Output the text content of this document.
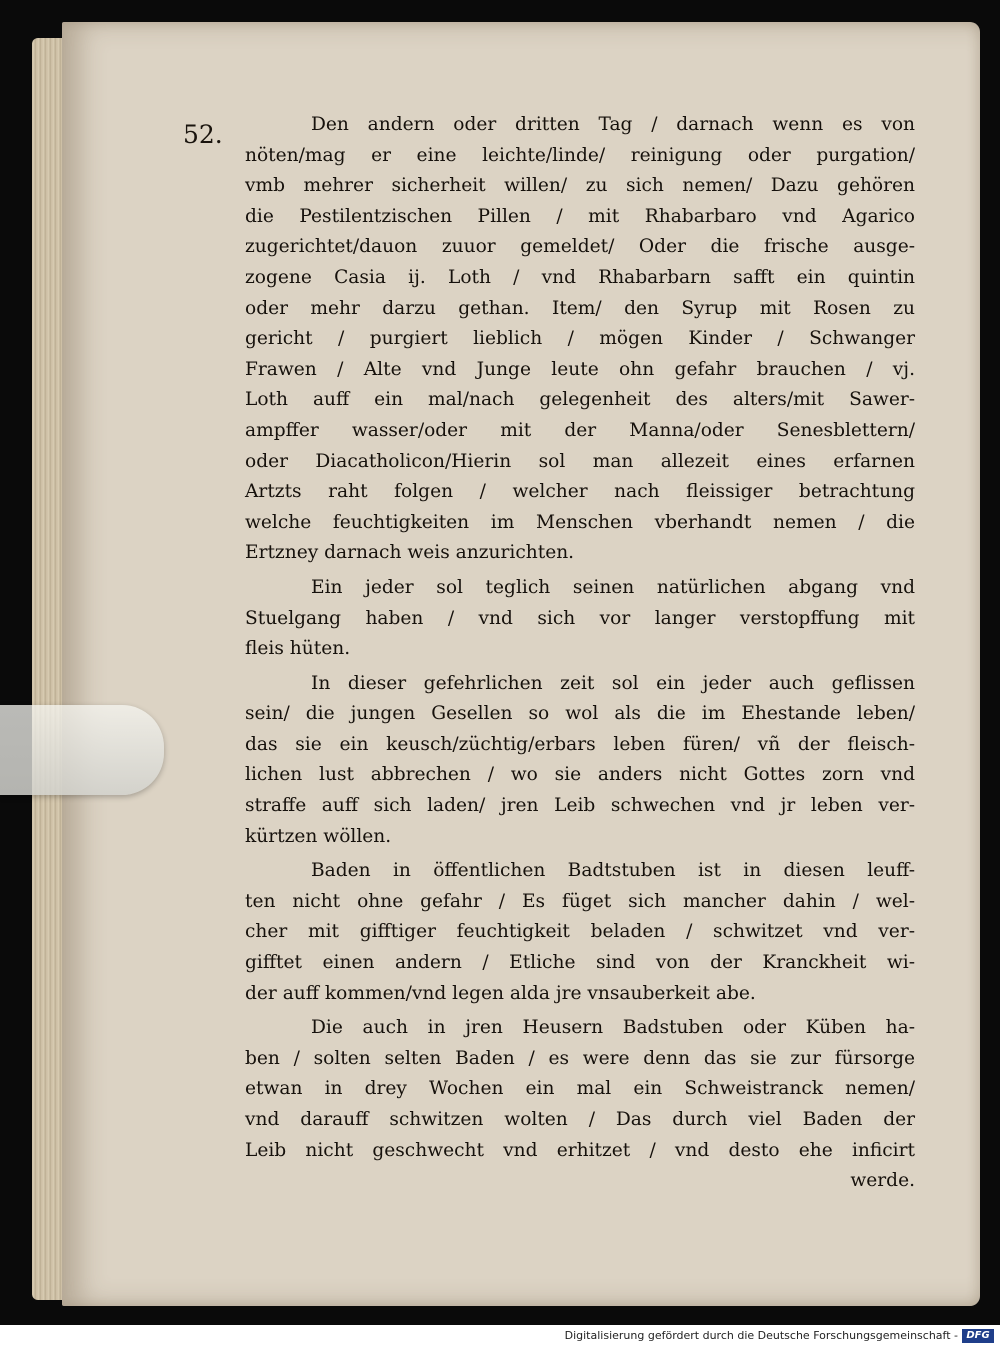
52.	Den andern oder dritten Tag / darnach wenn es von

nöten/mag er eine leichte/linde/ reinigung oder purgation/

vmb mehrer sicherheit willen/ zu sich nemen/ Dazu gehören

die Pestilentzischen Pillen / mit Rhabarbaro vnd Agarico

zugerichtet/dauon zuuor gemeldet/ Oder die frische ausge-

zogene Casia ij. Loth / vnd Rhabarbarn safft ein quintin

oder mehr darzu gethan. Item/ den Syrup mit Rosen zu

gericht / purgiert lieblich / mögen Kinder / Schwanger

Frawen / Alte vnd Junge leute ohn gefahr brauchen / vj.

Loth auff ein mal/nach gelegenheit des alters/mit Sawer-

ampffer wasser/oder mit der Manna/oder Senesblettern/

oder Diacatholicon/Hierin sol man allezeit eines erfarnen

Artzts raht folgen / welcher nach fleissiger betrachtung

welche feuchtigkeiten im Menschen vberhandt nemen / die

Ertzney darnach weis anzurichten.

Ein jeder sol teglich seinen natürlichen abgang vnd

Stuelgang haben / vnd sich vor langer verstopffung mit

fleis hüten.

In dieser gefehrlichen zeit sol ein jeder auch geflissen

sein/ die jungen Gesellen so wol als die im Ehestande leben/

das sie ein keusch/züchtig/erbars leben füren/ vñ der fleisch-

lichen lust abbrechen / wo sie anders nicht Gottes zorn vnd

straffe auff sich laden/ jren Leib schwechen vnd jr leben ver-

kürtzen wöllen.

Baden in öffentlichen Badtstuben ist in diesen leuff-

ten nicht ohne gefahr / Es füget sich mancher dahin / wel-

cher mit gifftiger feuchtigkeit beladen / schwitzet vnd ver-

gifftet einen andern / Etliche sind von der Kranckheit wi-

der auff kommen/vnd legen alda jre vnsauberkeit abe.

Die auch in jren Heusern Badstuben oder Küben ha-

ben / solten selten Baden / es were denn das sie zur fürsorge

etwan in drey Wochen ein mal ein Schweistranck nemen/

vnd darauff schwitzen wolten / Das durch viel Baden der

Leib nicht geschwecht vnd erhitzet / vnd desto ehe inficirt

werde.

Digitalisierung gefördert durch die Deutsche Forschungsgemeinschaft - DFG
